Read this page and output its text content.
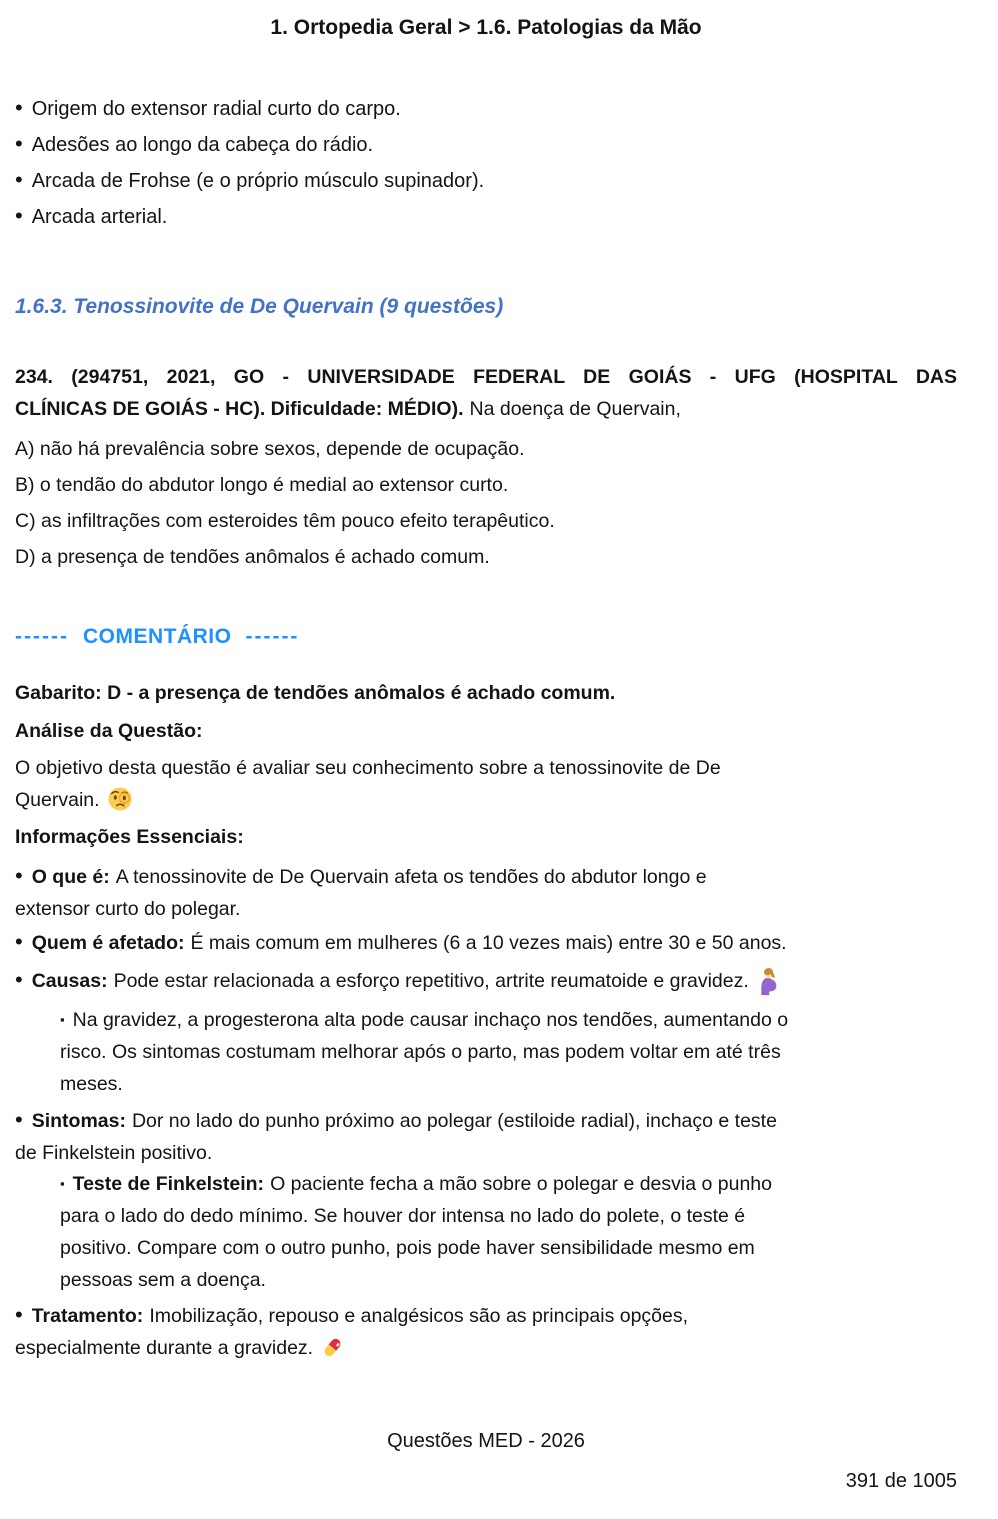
1. Ortopedia Geral > 1.6. Patologias da Mão
• Origem do extensor radial curto do carpo.
• Adesões ao longo da cabeça do rádio.
• Arcada de Frohse (e o próprio músculo supinador).
• Arcada arterial.
1.6.3. Tenossinovite de De Quervain (9 questões)
234. (294751, 2021, GO - UNIVERSIDADE FEDERAL DE GOIÁS - UFG (HOSPITAL DAS
CLÍNICAS DE GOIÁS - HC). Dificuldade: MÉDIO). Na doença de Quervain,
A) não há prevalência sobre sexos, depende de ocupação.
B) o tendão do abdutor longo é medial ao extensor curto.
C) as infiltrações com esteroides têm pouco efeito terapêutico.
D) a presença de tendões anômalos é achado comum.
------ COMENTÁRIO ------
Gabarito: D - a presença de tendões anômalos é achado comum.
Análise da Questão:
O objetivo desta questão é avaliar seu conhecimento sobre a tenossinovite de De
Quervain.
Informações Essenciais:
• O que é: A tenossinovite de De Quervain afeta os tendões do abdutor longo e
extensor curto do polegar.
• Quem é afetado: É mais comum em mulheres (6 a 10 vezes mais) entre 30 e 50 anos.
• Causas: Pode estar relacionada a esforço repetitivo, artrite reumatoide e gravidez.
▪ Na gravidez, a progesterona alta pode causar inchaço nos tendões, aumentando o
risco. Os sintomas costumam melhorar após o parto, mas podem voltar em até três
meses.
• Sintomas: Dor no lado do punho próximo ao polegar (estiloide radial), inchaço e teste
de Finkelstein positivo.
▪ Teste de Finkelstein: O paciente fecha a mão sobre o polegar e desvia o punho
para o lado do dedo mínimo. Se houver dor intensa no lado do polete, o teste é
positivo. Compare com o outro punho, pois pode haver sensibilidade mesmo em
pessoas sem a doença.
• Tratamento: Imobilização, repouso e analgésicos são as principais opções,
especialmente durante a gravidez.
Questões MED - 2026
391 de 1005
